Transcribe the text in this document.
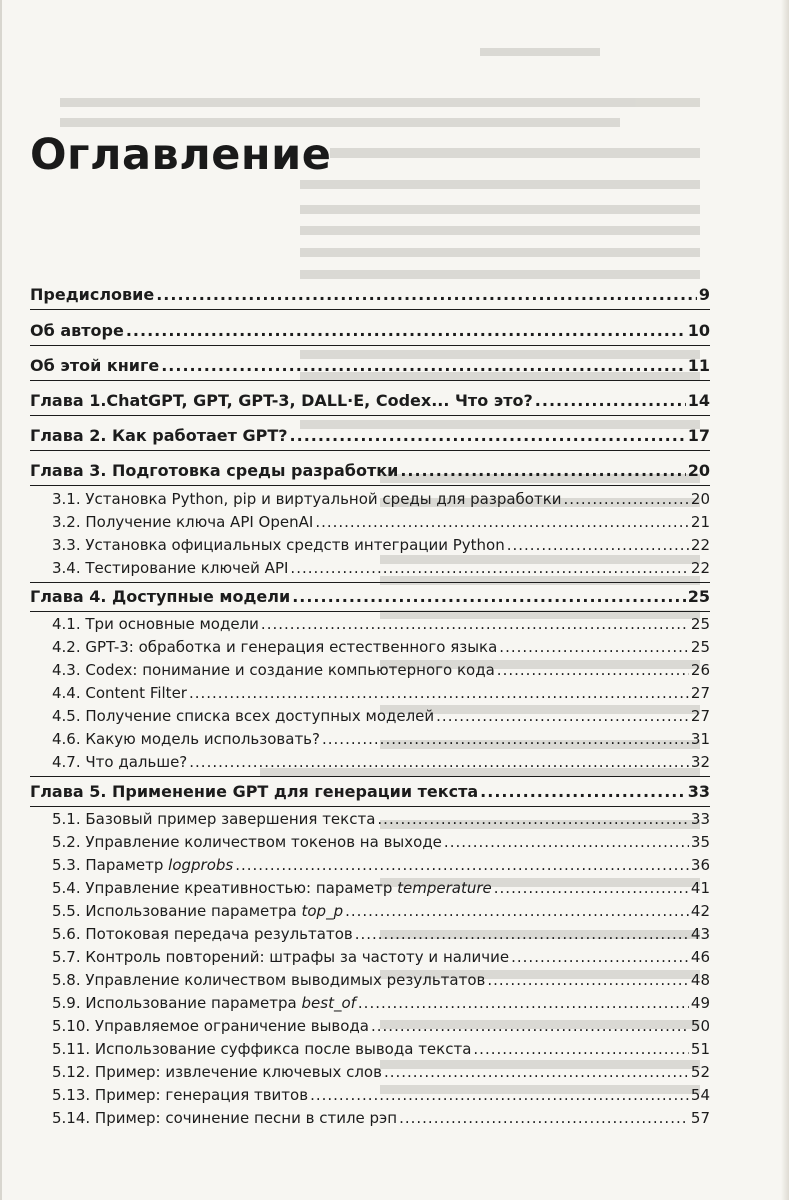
Оглавление
Предисловие .....	9
Об авторе .....	10
Об этой книге .....	11
Глава 1.ChatGPT, GPT, GPT-3, DALL·E, Codex... Что это? .....	14
Глава 2. Как работает GPT? .....	17
Глава 3. Подготовка среды разработки .....	20
3.1. Установка Python, pip и виртуальной среды для разработки .....	20
3.2. Получение ключа API OpenAI .....	21
3.3. Установка официальных средств интеграции Python .....	22
3.4. Тестирование ключей API .....	22
Глава 4. Доступные модели .....	25
4.1. Три основные модели .....	25
4.2. GPT-3: обработка и генерация естественного языка .....	25
4.3. Codex: понимание и создание компьютерного кода .....	26
4.4. Content Filter .....	27
4.5. Получение списка всех доступных моделей .....	27
4.6. Какую модель использовать? .....	31
4.7. Что дальше? .....	32
Глава 5. Применение GPT для генерации текста .....	33
5.1. Базовый пример завершения текста .....	33
5.2. Управление количеством токенов на выходе .....	35
5.3. Параметр logprobs .....	36
5.4. Управление креативностью: параметр temperature .....	41
5.5. Использование параметра top_p .....	42
5.6. Потоковая передача результатов .....	43
5.7. Контроль повторений: штрафы за частоту и наличие .....	46
5.8. Управление количеством выводимых результатов .....	48
5.9. Использование параметра best_of .....	49
5.10. Управляемое ограничение вывода .....	50
5.11. Использование суффикса после вывода текста .....	51
5.12. Пример: извлечение ключевых слов .....	52
5.13. Пример: генерация твитов .....	54
5.14. Пример: сочинение песни в стиле рэп .....	57
